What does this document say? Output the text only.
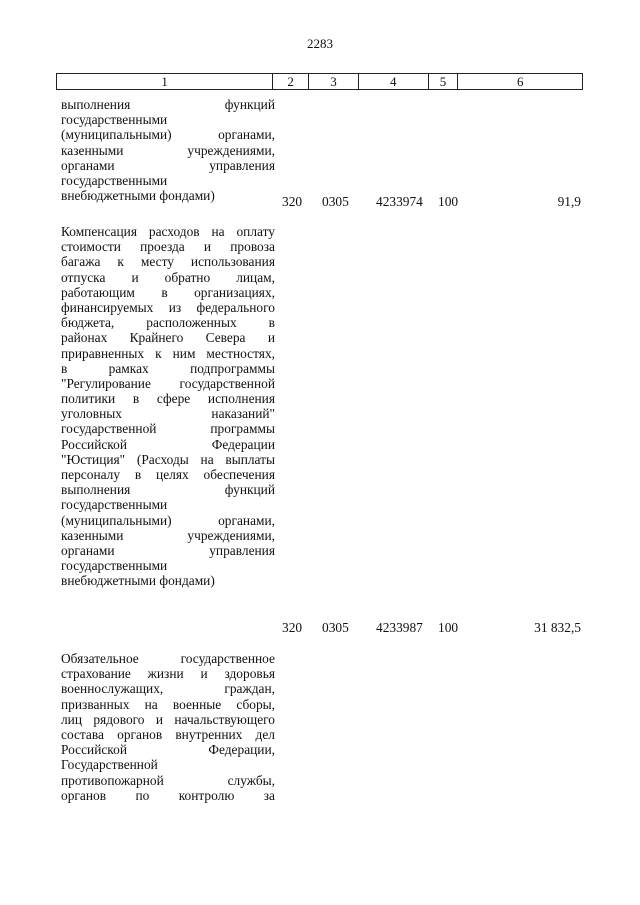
2283
1	2	3	4	5	6
выполнения функций
государственными
(муниципальными) органами,
казенными учреждениями,
органами управления
государственными
внебюджетными фондами)	320 0305 4233974 100	91,9
Компенсация расходов на оплату
стоимости проезда и провоза
багажа к месту использования
отпуска и обратно лицам,
работающим в организациях,
финансируемых из федерального
бюджета, расположенных в
районах Крайнего Севера и
приравненных к ним местностях,
в рамках подпрограммы
"Регулирование государственной
политики в сфере исполнения
уголовных наказаний"
государственной программы
Российской Федерации
"Юстиция" (Расходы на выплаты
персоналу в целях обеспечения
выполнения функций
государственными
(муниципальными) органами,
казенными учреждениями,
органами управления
государственными
внебюджетными фондами)
320 0305 4233987 100	31 832,5
Обязательное государственное
страхование жизни и здоровья
военнослужащих, граждан,
призванных на военные сборы,
лиц рядового и начальствующего
состава органов внутренних дел
Российской Федерации,
Государственной
противопожарной службы,
органов по контролю за
